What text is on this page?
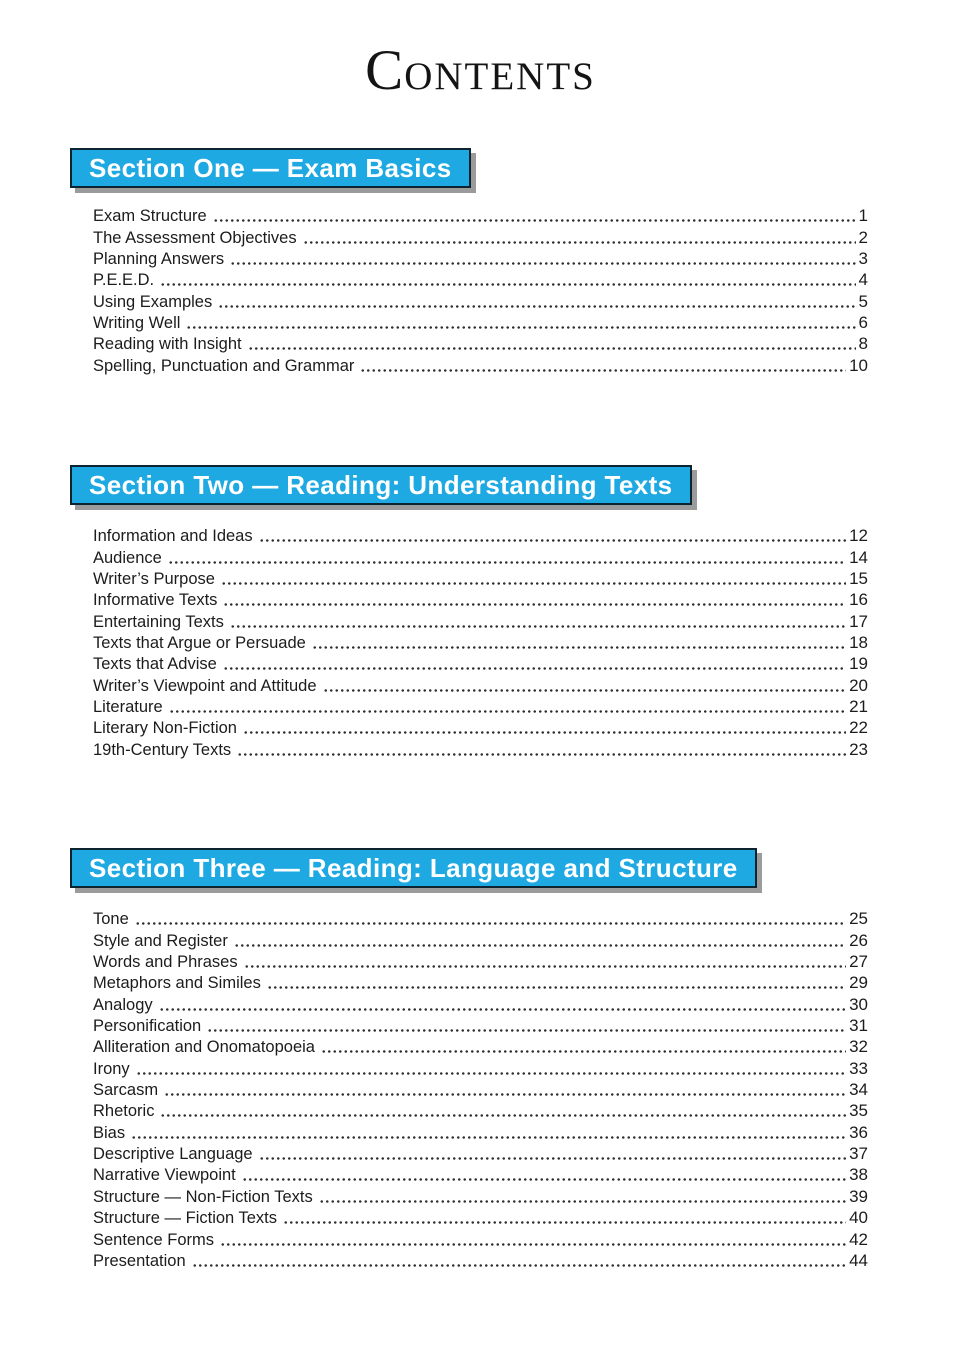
CONTENTS
Section One — Exam Basics
Exam Structure	1
The Assessment Objectives	2
Planning Answers	3
P.E.E.D.	4
Using Examples	5
Writing Well	6
Reading with Insight	8
Spelling, Punctuation and Grammar	10
Section Two — Reading: Understanding Texts
Information and Ideas	12
Audience	14
Writer’s Purpose	15
Informative Texts	16
Entertaining Texts	17
Texts that Argue or Persuade	18
Texts that Advise	19
Writer’s Viewpoint and Attitude	20
Literature	21
Literary Non-Fiction	22
19th-Century Texts	23
Section Three — Reading: Language and Structure
Tone	25
Style and Register	26
Words and Phrases	27
Metaphors and Similes	29
Analogy	30
Personification	31
Alliteration and Onomatopoeia	32
Irony	33
Sarcasm	34
Rhetoric	35
Bias	36
Descriptive Language	37
Narrative Viewpoint	38
Structure — Non-Fiction Texts	39
Structure — Fiction Texts	40
Sentence Forms	42
Presentation	44
